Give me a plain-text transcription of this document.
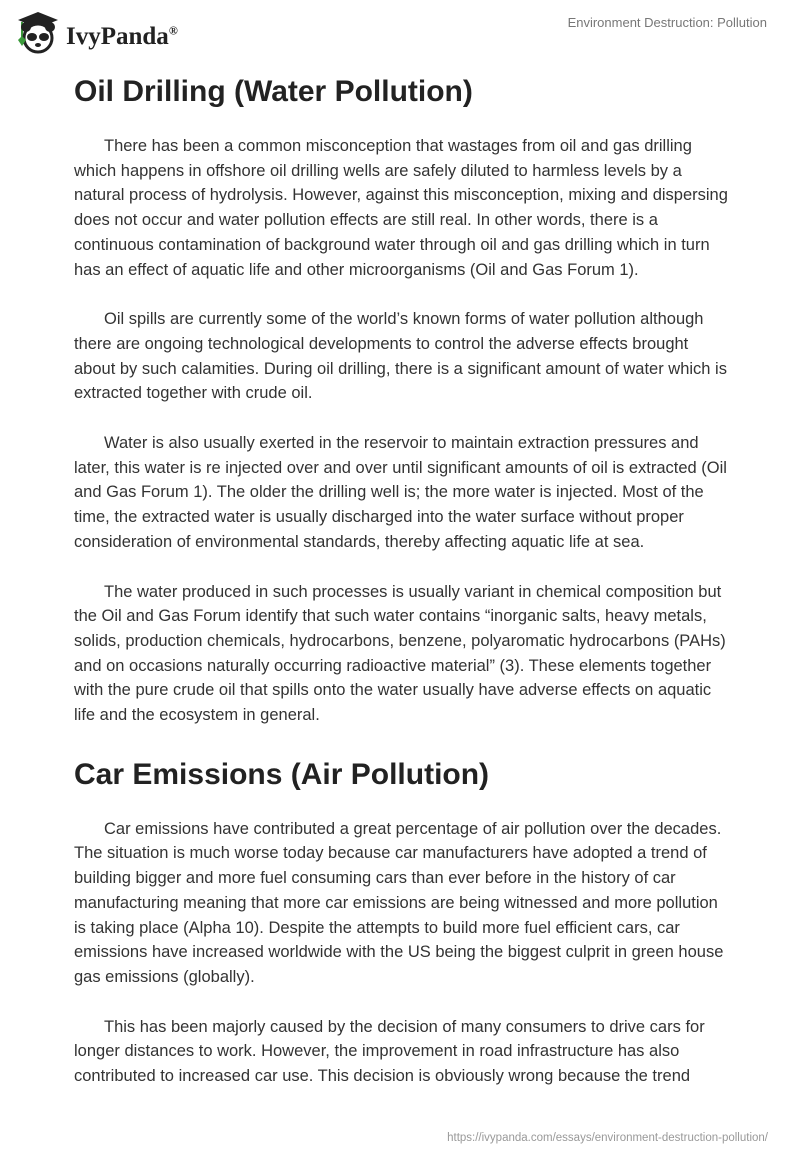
IvyPanda®
Environment Destruction: Pollution
Oil Drilling (Water Pollution)

There has been a common misconception that wastages from oil and gas drilling which happens in offshore oil drilling wells are safely diluted to harmless levels by a natural process of hydrolysis. However, against this misconception, mixing and dispersing does not occur and water pollution effects are still real. In other words, there is a continuous contamination of background water through oil and gas drilling which in turn has an effect of aquatic life and other microorganisms (Oil and Gas Forum 1).

Oil spills are currently some of the world’s known forms of water pollution although there are ongoing technological developments to control the adverse effects brought about by such calamities. During oil drilling, there is a significant amount of water which is extracted together with crude oil.

Water is also usually exerted in the reservoir to maintain extraction pressures and later, this water is re injected over and over until significant amounts of oil is extracted (Oil and Gas Forum 1). The older the drilling well is; the more water is injected. Most of the time, the extracted water is usually discharged into the water surface without proper consideration of environmental standards, thereby affecting aquatic life at sea.

The water produced in such processes is usually variant in chemical composition but the Oil and Gas Forum identify that such water contains “inorganic salts, heavy metals, solids, production chemicals, hydrocarbons, benzene, polyaromatic hydrocarbons (PAHs) and on occasions naturally occurring radioactive material” (3). These elements together with the pure crude oil that spills onto the water usually have adverse effects on aquatic life and the ecosystem in general.

Car Emissions (Air Pollution)

Car emissions have contributed a great percentage of air pollution over the decades. The situation is much worse today because car manufacturers have adopted a trend of building bigger and more fuel consuming cars than ever before in the history of car manufacturing meaning that more car emissions are being witnessed and more pollution is taking place (Alpha 10). Despite the attempts to build more fuel efficient cars, car emissions have increased worldwide with the US being the biggest culprit in green house gas emissions (globally).

This has been majorly caused by the decision of many consumers to drive cars for longer distances to work. However, the improvement in road infrastructure has also contributed to increased car use. This decision is obviously wrong because the trend

https://ivypanda.com/essays/environment-destruction-pollution/
